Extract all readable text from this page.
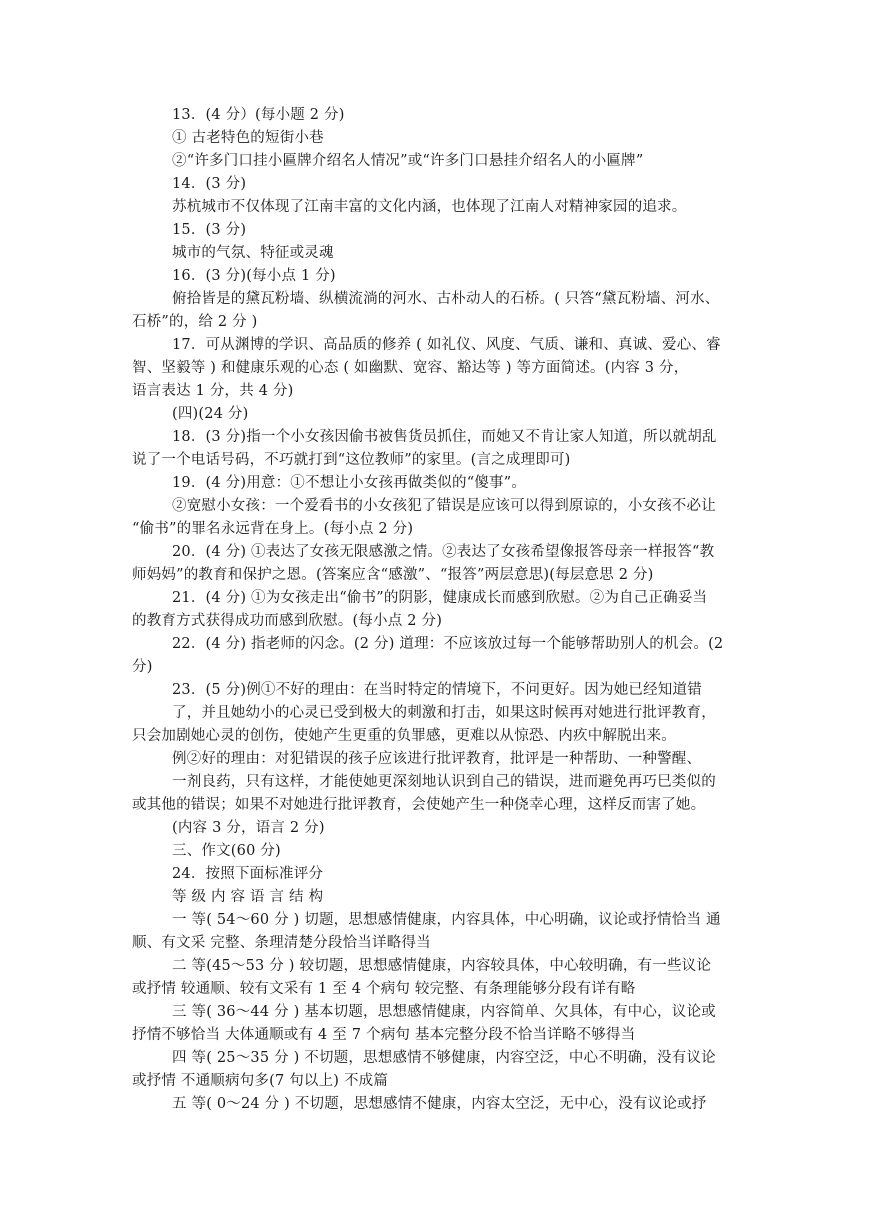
13．(4 分）(每小题 2 分)
① 古老特色的短街小巷
②“许多门口挂小匾牌介绍名人情况”或“许多门口悬挂介绍名人的小匾牌”
14．(3 分)
苏杭城市不仅体现了江南丰富的文化内涵，也体现了江南人对精神家园的追求。
15．(3 分)
城市的气氛、特征或灵魂
16．(3 分)(每小点 1 分)
俯拾皆是的黛瓦粉墙、纵横流淌的河水、古朴动人的石桥。( 只答“黛瓦粉墙、河水、
石桥”的，给 2 分 )
17．可从渊博的学识、高品质的修养 ( 如礼仪、风度、气质、谦和、真诚、爱心、睿
智、坚毅等 ) 和健康乐观的心态 ( 如幽默、宽容、豁达等 ) 等方面简述。(内容 3 分，
语言表达 1 分，共 4 分)
(四)(24 分)
18．(3 分)指一个小女孩因偷书被售货员抓住，而她又不肯让家人知道，所以就胡乱
说了一个电话号码，不巧就打到“这位教师”的家里。(言之成理即可)
19．(4 分)用意：①不想让小女孩再做类似的“傻事”。
②宽慰小女孩：一个爱看书的小女孩犯了错误是应该可以得到原谅的，小女孩不必让
“偷书”的罪名永远背在身上。(每小点 2 分)
20．(4 分) ①表达了女孩无限感激之情。②表达了女孩希望像报答母亲一样报答“教
师妈妈”的教育和保护之恩。(答案应含“感激”、“报答”两层意思)(每层意思 2 分)
21．(4 分) ①为女孩走出“偷书”的阴影，健康成长而感到欣慰。②为自己正确妥当
的教育方式获得成功而感到欣慰。(每小点 2 分)
22．(4 分) 指老师的闪念。(2 分) 道理：不应该放过每一个能够帮助别人的机会。(2
分)
23．(5 分)例①不好的理由：在当时特定的情境下，不问更好。因为她已经知道错
了，并且她幼小的心灵已受到极大的刺激和打击，如果这时候再对她进行批评教育，
只会加剧她心灵的创伤，使她产生更重的负罪感，更难以从惊恐、内疚中解脱出来。
例②好的理由：对犯错误的孩子应该进行批评教育，批评是一种帮助、一种警醒、
一剂良药，只有这样，才能使她更深刻地认识到自己的错误，进而避免再巧巳类似的
或其他的错误；如果不对她进行批评教育，会使她产生一种侥幸心理，这样反而害了她。
(内容 3 分，语言 2 分)
三、作文(60 分)
24．按照下面标准评分
等 级 内 容 语 言 结 构
一 等( 54～60 分 ) 切题，思想感情健康，内容具体，中心明确，议论或抒情恰当 通
顺、有文采 完整、条理清楚分段恰当详略得当
二 等(45～53 分 ) 较切题，思想感情健康，内容较具体，中心较明确，有一些议论
或抒情 较通顺、较有文采有 1 至 4 个病句 较完整、有条理能够分段有详有略
三 等( 36～44 分 ) 基本切题，思想感情健康，内容简单、欠具体，有中心，议论或
抒情不够恰当 大体通顺或有 4 至 7 个病句 基本完整分段不恰当详略不够得当
四 等( 25～35 分 ) 不切题，思想感情不够健康，内容空泛，中心不明确，没有议论
或抒情 不通顺病句多(7 句以上) 不成篇
五 等( 0～24 分 ) 不切题，思想感情不健康，内容太空泛，无中心，没有议论或抒
